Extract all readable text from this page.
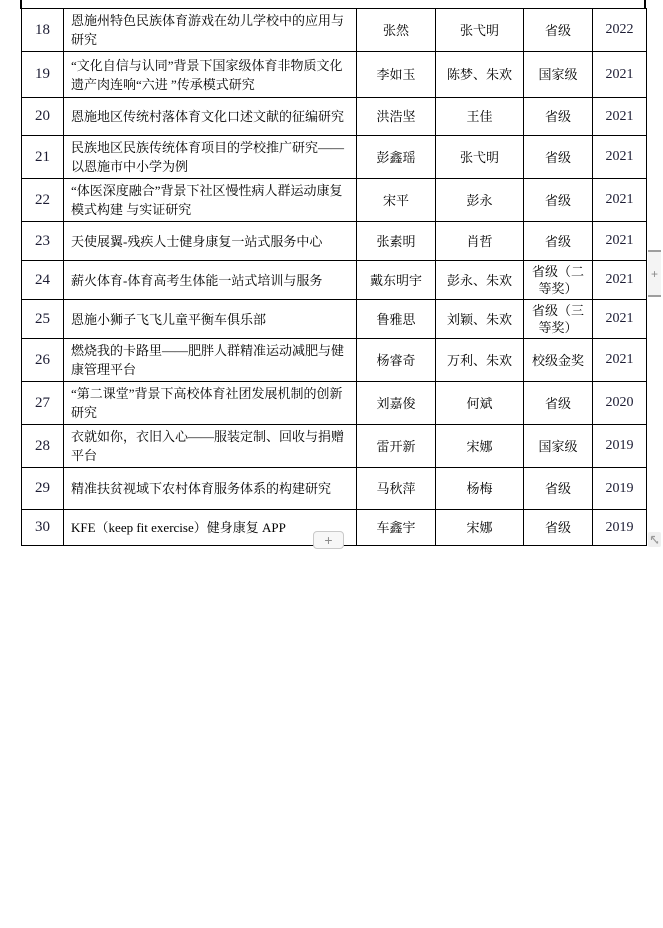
18	恩施州特色民族体育游戏在幼儿学校中的应用与研究	张然	张弋明	省级	2022
19	“文化自信与认同”背景下国家级体育非物质文化遗产肉连响“六进 ”传承模式研究	李如玉	陈梦、朱欢	国家级	2021
20	恩施地区传统村落体育文化口述文献的征编研究	洪浩坚	王佳	省级	2021
21	民族地区民族传统体育项目的学校推广研究——以恩施市中小学为例	彭鑫瑶	张弋明	省级	2021
22	“体医深度融合”背景下社区慢性病人群运动康复模式构建 与实证研究	宋平	彭永	省级	2021
23	天使展翼-残疾人士健身康复一站式服务中心	张素明	肖哲	省级	2021
24	薪火体育-体育高考生体能一站式培训与服务	戴东明宇	彭永、朱欢	省级（二等奖）	2021
25	恩施小狮子飞飞儿童平衡车俱乐部	鲁雅思	刘颖、朱欢	省级（三等奖）	2021
26	燃烧我的卡路里——肥胖人群精准运动减肥与健康管理平台	杨睿奇	万利、朱欢	校级金奖	2021
27	“第二课堂”背景下高校体育社团发展机制的创新研究	刘嘉俊	何斌	省级	2020
28	衣就如你，衣旧入心——服装定制、回收与捐赠平台	雷开新	宋娜	国家级	2019
29	精准扶贫视域下农村体育服务体系的构建研究	马秋萍	杨梅	省级	2019
30	KFE（keep fit exercise）健身康复 APP	车鑫宇	宋娜	省级	2019
+
+
